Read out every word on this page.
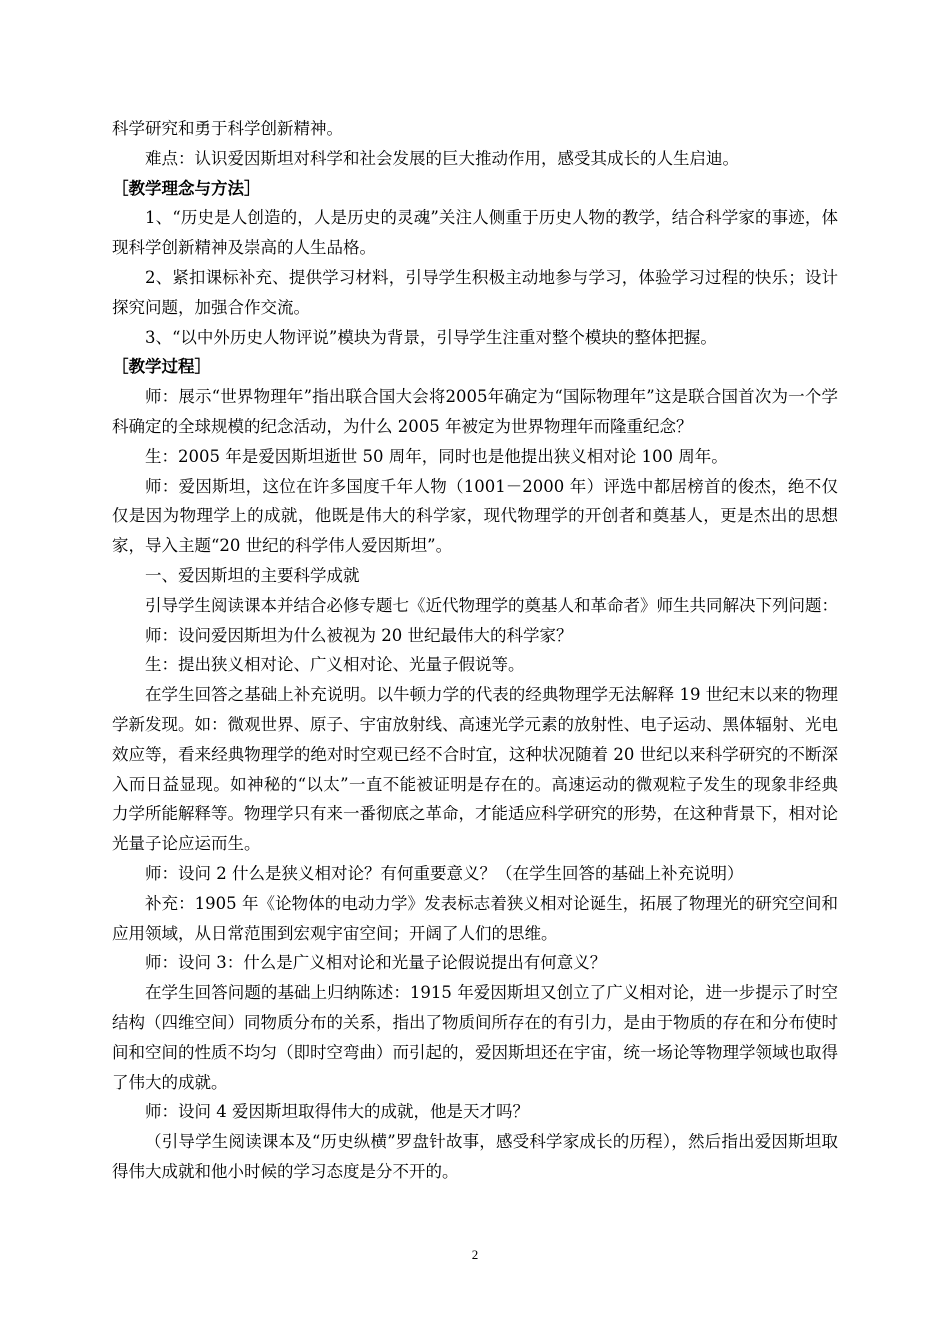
科学研究和勇于科学创新精神。

难点：认识爱因斯坦对科学和社会发展的巨大推动作用，感受其成长的人生启迪。

［教学理念与方法］

1、“历史是人创造的，人是历史的灵魂”关注人侧重于历史人物的教学，结合科学家的事迹，体现科学创新精神及崇高的人生品格。

2、紧扣课标补充、提供学习材料，引导学生积极主动地参与学习，体验学习过程的快乐；设计探究问题，加强合作交流。

3、“以中外历史人物评说”模块为背景，引导学生注重对整个模块的整体把握。

［教学过程］

师：展示“世界物理年”指出联合国大会将2005年确定为“国际物理年”这是联合国首次为一个学科确定的全球规模的纪念活动，为什么 2005 年被定为世界物理年而隆重纪念？

生：2005 年是爱因斯坦逝世 50 周年，同时也是他提出狭义相对论 100 周年。

师：爱因斯坦，这位在许多国度千年人物（1001－2000 年）评选中都居榜首的俊杰，绝不仅仅是因为物理学上的成就，他既是伟大的科学家，现代物理学的开创者和奠基人，更是杰出的思想家，导入主题“20 世纪的科学伟人爱因斯坦”。

一、爱因斯坦的主要科学成就

引导学生阅读课本并结合必修专题七《近代物理学的奠基人和革命者》师生共同解决下列问题：

师：设问爱因斯坦为什么被视为 20 世纪最伟大的科学家？

生：提出狭义相对论、广义相对论、光量子假说等。

在学生回答之基础上补充说明。以牛顿力学的代表的经典物理学无法解释 19 世纪末以来的物理学新发现。如：微观世界、原子、宇宙放射线、高速光学元素的放射性、电子运动、黑体辐射、光电效应等，看来经典物理学的绝对时空观已经不合时宜，这种状况随着 20 世纪以来科学研究的不断深入而日益显现。如神秘的“以太”一直不能被证明是存在的。高速运动的微观粒子发生的现象非经典力学所能解释等。物理学只有来一番彻底之革命，才能适应科学研究的形势，在这种背景下，相对论光量子论应运而生。

师：设问 2 什么是狭义相对论？有何重要意义？（在学生回答的基础上补充说明）

补充：1905 年《论物体的电动力学》发表标志着狭义相对论诞生，拓展了物理光的研究空间和应用领域，从日常范围到宏观宇宙空间；开阔了人们的思维。

师：设问 3：什么是广义相对论和光量子论假说提出有何意义？

在学生回答问题的基础上归纳陈述：1915 年爱因斯坦又创立了广义相对论，进一步提示了时空结构（四维空间）同物质分布的关系，指出了物质间所存在的有引力，是由于物质的存在和分布使时间和空间的性质不均匀（即时空弯曲）而引起的，爱因斯坦还在宇宙，统一场论等物理学领域也取得了伟大的成就。

师：设问 4 爱因斯坦取得伟大的成就，他是天才吗？

（引导学生阅读课本及“历史纵横”罗盘针故事，感受科学家成长的历程），然后指出爱因斯坦取得伟大成就和他小时候的学习态度是分不开的。

2
